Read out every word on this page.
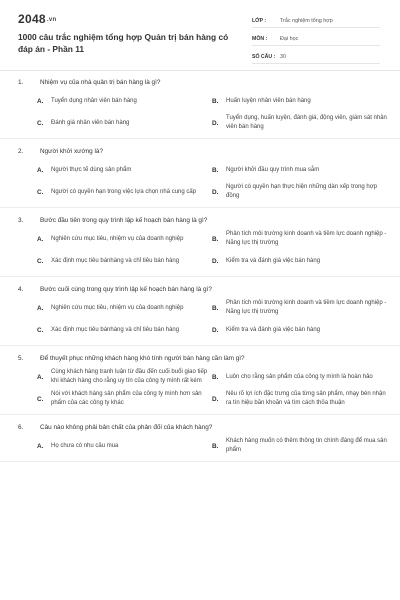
2048.vn
1000 câu trắc nghiệm tổng hợp Quản trị bán hàng có đáp án - Phần 11
LỚP :	Trắc nghiệm tổng hợp
MÔN :	Đại học
SỐ CÂU : 30
1.	Nhiệm vụ của nhà quản trị bán hàng là gì?
A.	Tuyển dụng nhân viên bán hàng	B.	Huấn luyện nhân viên bán hàng
C.	Đánh giá nhân viên bán hàng	D.
Tuyển dụng, huấn luyện, đánh giá, động viên, giám sát nhân viên bán hàng
2.	Người khởi xướng là?
A.	Người thực tế dùng sản phẩm	B.	Người khởi đầu quy trình mua sắm
C.	Người có quyền hạn trong việc lựa chọn nhà cung cấp D.
Người có quyền hạn thực hiện những dàn xếp trong hợp đồng
3.	Bước đầu tiên trong quy trình lập kế hoạch bán hàng là gì?
A.	Nghiên cứu mục tiêu, nhiệm vụ của doanh nghiệp	B.
Phân tích môi trường kinh doanh và tiềm lực doanh nghiệp - Năng lực thị trường
C.	Xác định mục tiêu bánhàng và chỉ tiêu bán hàng	D.	Kiểm tra và đánh giá việc bán hàng
4.	Bước cuối cùng trong quy trình lập kế hoạch bán hàng là gì?
A.	Nghiên cứu mục tiêu, nhiệm vụ của doanh nghiệp	B.
Phân tích môi trường kinh doanh và tiềm lực doanh nghiệp - Năng lực thị trường
C.	Xác định mục tiêu bánhàng và chỉ tiêu bán hàng	D.	Kiểm tra và đánh giá việc bán hàng
5.	Để thuyết phục những khách hàng khó tính người bán hàng cần làm gì?
A.
Cùng khách hàng tranh luận từ đầu đến cuối buổi giao tiếp khi khách hàng cho rằng uy tín của công ty mình rất kém
B.	Luôn cho rằng sản phẩm của công ty mình là hoàn hảo
C.
Nói với khách hàng sản phẩm của công ty mình hơn sản phẩm của các công ty khác
D.
Nêu rõ lợi ích đặc trưng của từng sản phẩm, nhạy bén nhận ra tín hiệu băn khoăn và tìm cách thỏa thuận
6.	Câu nào không phải bản chất của phản đối của khách hàng?
A.	Họ chưa có nhu cầu mua	B.
Khách hàng muốn có thêm thông tin chính đáng để mua sản phẩm
